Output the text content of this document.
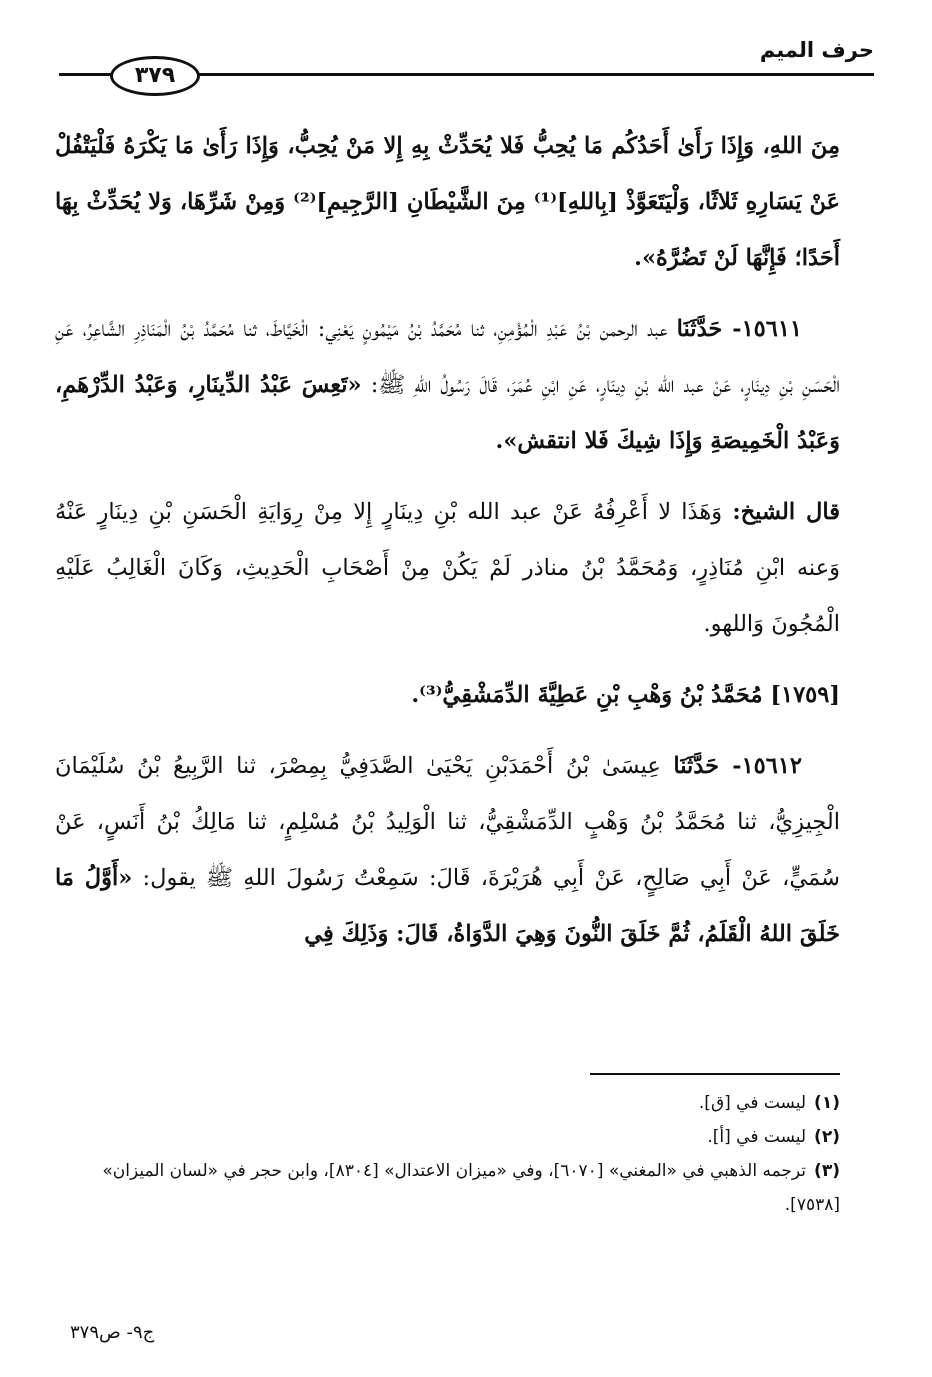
حرف الميم
٣٧٩

مِنَ اللهِ، وَإِذَا رَأَىٰ أَحَدُكُم مَا يُحِبُّ فَلا يُحَدِّثْ بِهِ إِلا مَنْ يُحِبُّ، وَإِذَا رَأَىٰ مَا يَكْرَهُ فَلْيَتْفُلْ عَنْ يَسَارِهِ ثَلاثًا، وَلْيَتَعَوَّذْ [بِاللهِ]⁽¹⁾ مِنَ الشَّيْطَانِ [الرَّجِيمِ]⁽²⁾ وَمِنْ شَرِّهَا، وَلا يُحَدِّثْ بِهَا أَحَدًا؛ فَإِنَّهَا لَنْ تَضُرَّهُ».

١٥٦١١- حَدَّثَنَا عبد الرحمن بْنُ عَبْدِ الْمُؤْمِنِ، ثنا مُحَمَّدُ بْنُ مَيْمُونٍ يَعْنِي: الْخَيَّاطَ، ثنا مُحَمَّدُ بْنُ الْمَنَاذِرِ الشَّاعِرُ، عَنِ الْحَسَنِ بْنِ دِينَارٍ، عَنْ عبد الله بْنِ دِينَارٍ، عَنِ ابْنِ عُمَرَ، قَالَ رَسُولُ اللهِ ﷺ: «تَعِسَ عَبْدُ الدِّينَارِ، وَعَبْدُ الدِّرْهَمِ، وَعَبْدُ الْخَمِيصَةِ وَإِذَا شِيكَ فَلا انتقش».

قال الشيخ: وَهَذَا لا أَعْرِفُهُ عَنْ عبد الله بْنِ دِينَارٍ إِلا مِنْ رِوَايَةِ الْحَسَنِ بْنِ دِينَارٍ عَنْهُ وَعنه ابْنِ مُنَاذِرٍ، وَمُحَمَّدُ بْنُ مناذر لَمْ يَكُنْ مِنْ أَصْحَابِ الْحَدِيثِ، وَكَانَ الْغَالِبُ عَلَيْهِ الْمُجُونَ وَاللهو.

[١٧٥٩] مُحَمَّدُ بْنُ وَهْبِ بْنِ عَطِيَّةَ الدِّمَشْقِيُّ⁽³⁾.

١٥٦١٢- حَدَّثَنَا عِيسَىٰ بْنُ أَحْمَدَبْنِ يَحْيَىٰ الصَّدَفِيُّ بِمِصْرَ، ثنا الرَّبِيعُ بْنُ سُلَيْمَانَ الْجِيزِيُّ، ثنا مُحَمَّدُ بْنُ وَهْبٍ الدِّمَشْقِيُّ، ثنا الْوَلِيدُ بْنُ مُسْلِمٍ، ثنا مَالِكُ بْنُ أَنَسٍ، عَنْ سُمَيٍّ، عَنْ أَبِي صَالِحٍ، عَنْ أَبِي هُرَيْرَةَ، قَالَ: سَمِعْتُ رَسُولَ اللهِ ﷺ يقول: «أَوَّلُ مَا خَلَقَ اللهُ الْقَلَمُ، ثُمَّ خَلَقَ النُّونَ وَهِيَ الدَّوَاةُ، قَالَ: وَذَلِكَ فِي

(١)ليست في [ق].

(٢)ليست في [أ].

(٣)ترجمه الذهبي في «المغني» [٦٠٧٠]، وفي «ميزان الاعتدال» [٨٣٠٤]، وابن حجر في «لسان الميزان» [٧٥٣٨].

ج٩- ص٣٧٩
